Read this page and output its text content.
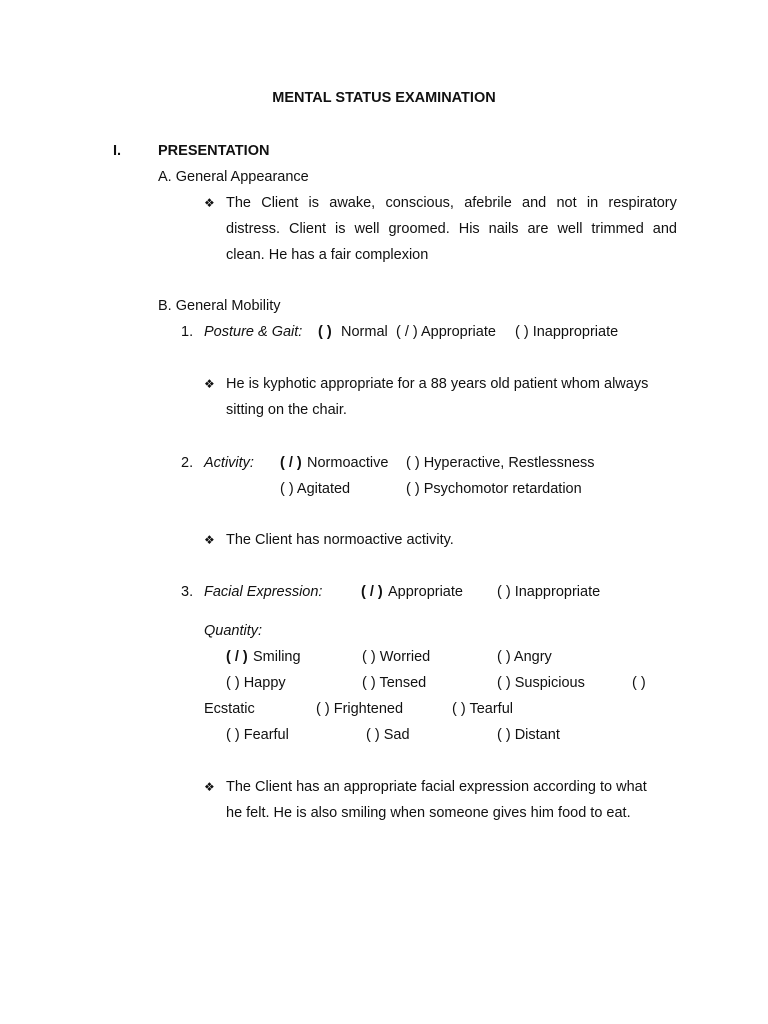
MENTAL STATUS EXAMINATION
I.	PRESENTATION
A. General Appearance
❖ The Client is awake, conscious, afebrile and not in respiratory
distress. Client is well groomed. His nails are well trimmed and
clean. He has a fair complexion
B. General Mobility
1. Posture & Gait: ( ) Normal ( / ) Appropriate ( ) Inappropriate
❖ He is kyphotic appropriate for a 88 years old patient whom always
sitting on the chair.
2. Activity: ( / ) Normoactive ( ) Hyperactive, Restlessness
( ) Agitated	( ) Psychomotor retardation
❖ The Client has normoactive activity.
3. Facial Expression:	( / ) Appropriate ( ) Inappropriate
Quantity:
( / ) Smiling	( ) Worried	( ) Angry
( ) Happy	( ) Tensed	( ) Suspicious	( )
Ecstatic	( ) Frightened	( ) Tearful
( ) Fearful	( ) Sad	( ) Distant
❖ The Client has an appropriate facial expression according to what
he felt. He is also smiling when someone gives him food to eat.
